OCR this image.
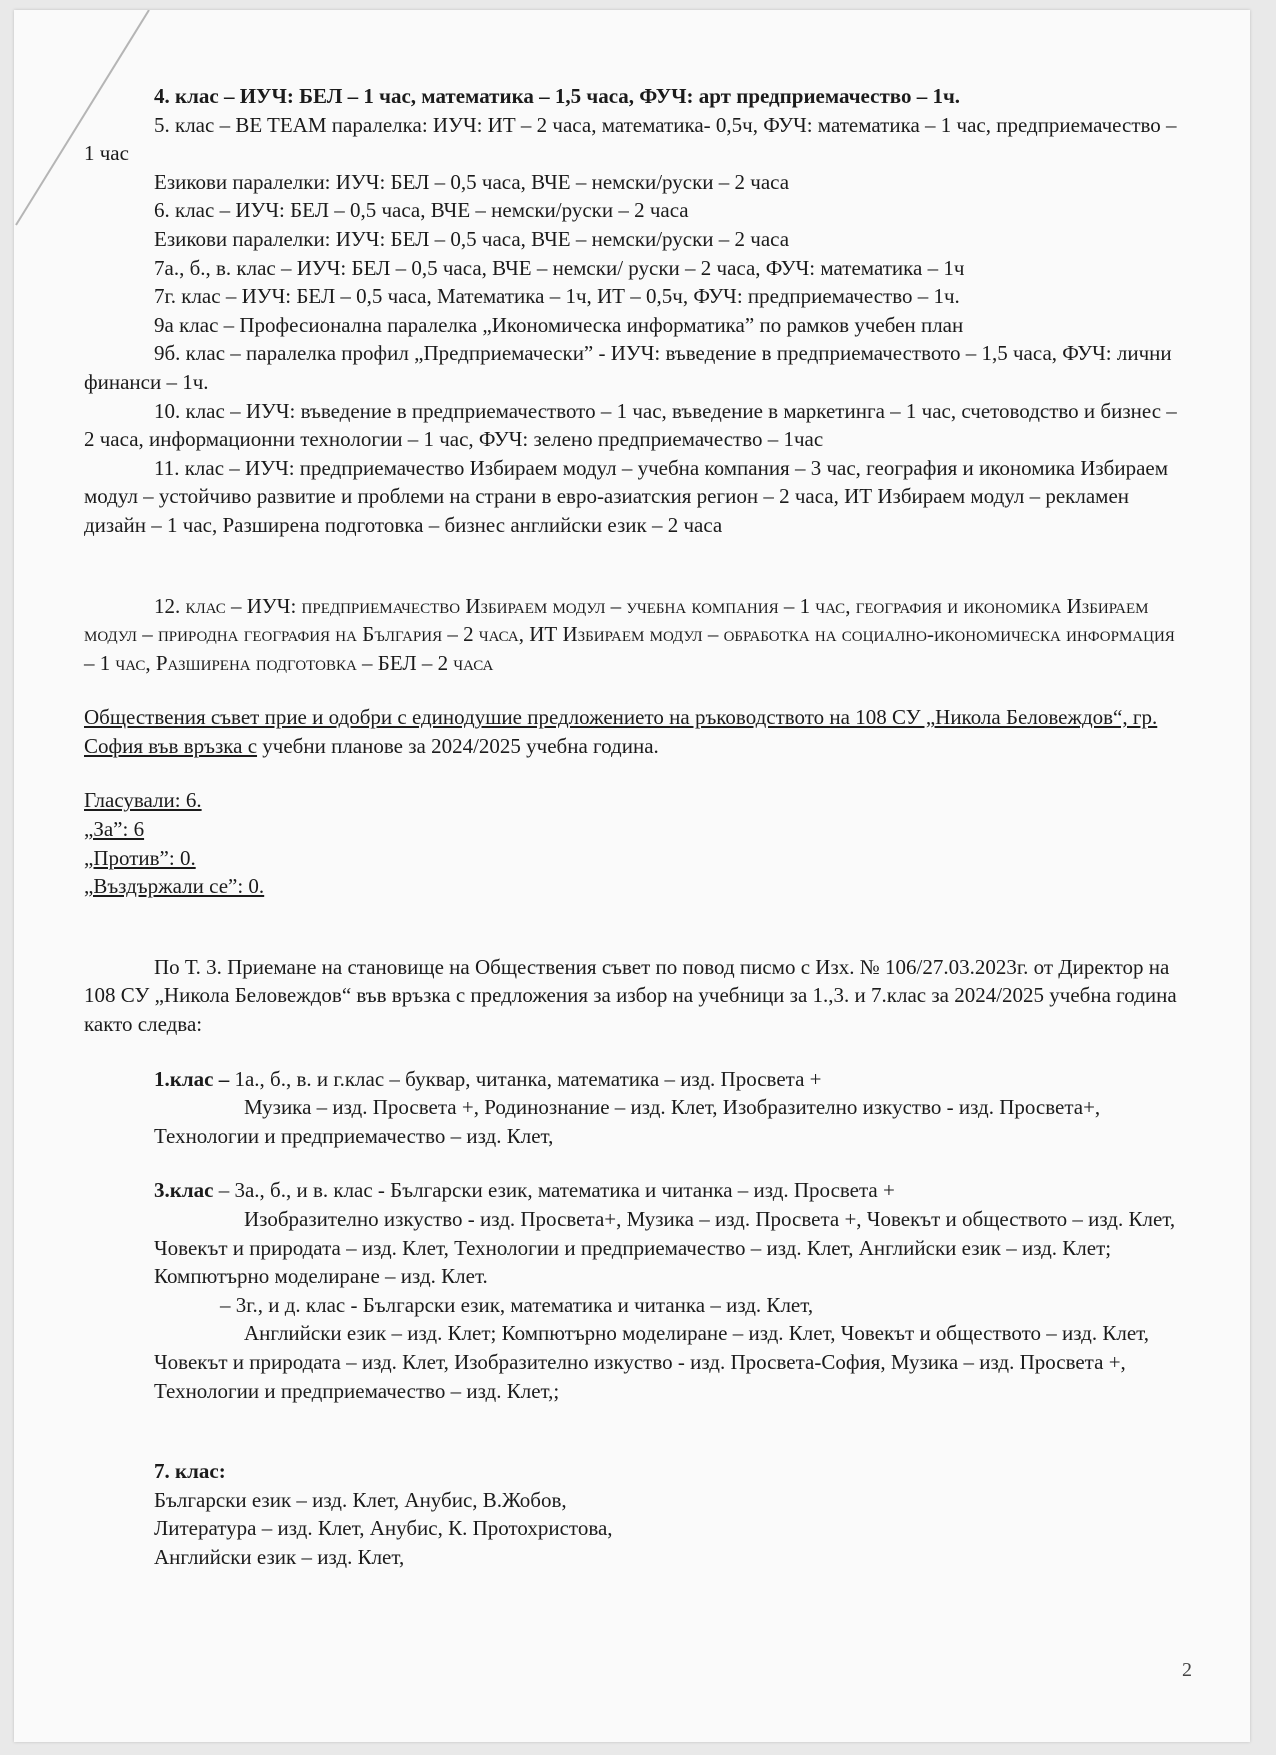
4. клас – ИУЧ: БЕЛ – 1 час, математика – 1,5 часа, ФУЧ: арт предприемачество – 1ч.

5. клас – BE TEAM паралелка: ИУЧ: ИТ – 2 часа, математика- 0,5ч, ФУЧ: математика – 1 час, предприемачество – 1 час

Езикови паралелки: ИУЧ: БЕЛ – 0,5 часа, ВЧЕ – немски/руски – 2 часа

6. клас – ИУЧ: БЕЛ – 0,5 часа, ВЧЕ – немски/руски – 2 часа

Езикови паралелки: ИУЧ: БЕЛ – 0,5 часа, ВЧЕ – немски/руски – 2 часа

7а., б., в. клас – ИУЧ: БЕЛ – 0,5 часа, ВЧЕ – немски/ руски – 2 часа, ФУЧ: математика – 1ч

7г. клас – ИУЧ: БЕЛ – 0,5 часа, Математика – 1ч, ИТ – 0,5ч, ФУЧ: предприемачество – 1ч.

9а клас – Професионална паралелка „Икономическа информатика” по рамков учебен план

9б. клас – паралелка профил „Предприемачески” - ИУЧ: въведение в предприемачеството – 1,5 часа, ФУЧ: лични финанси – 1ч.

10. клас – ИУЧ: въведение в предприемачеството – 1 час, въведение в маркетинга – 1 час, счетоводство и бизнес – 2 часа, информационни технологии – 1 час, ФУЧ: зелено предприемачество – 1час

11. клас – ИУЧ: предприемачество Избираем модул – учебна компания – 3 час, география и икономика Избираем модул – устойчиво развитие и проблеми на страни в евро-азиатския регион – 2 часа, ИТ Избираем модул – рекламен дизайн – 1 час, Разширена подготовка – бизнес английски език – 2 часа

12. клас – ИУЧ: предприемачество Избираем модул – учебна компания – 1 час, география и икономика Избираем модул – природна география на България – 2 часа, ИТ Избираем модул – обработка на социално-икономическа информация – 1 час, Разширена подготовка – БЕЛ – 2 часа

Обществения съвет прие и одобри с единодушие предложението на ръководството на 108 СУ „Никола Беловеждов“, гр. София във връзка с учебни планове за 2024/2025 учебна година.

Гласували: 6.

„За”: 6

„Против”: 0.

„Въздържали се”: 0.

По Т. 3. Приемане на становище на Обществения съвет по повод писмо с Изх. № 106/27.03.2023г. от Директор на 108 СУ „Никола Беловеждов“ във връзка с предложения за избор на учебници за 1.,3. и 7.клас за 2024/2025 учебна година както следва:

1.клас – 1а., б., в. и г.клас – буквар, читанка, математика – изд. Просвета +

Музика – изд. Просвета +, Родинознание – изд. Клет, Изобразително изкуство - изд. Просвета+, Технологии и предприемачество – изд. Клет,

3.клас – 3а., б., и в. клас - Български език, математика и читанка – изд. Просвета +

Изобразително изкуство - изд. Просвета+, Музика – изд. Просвета +, Човекът и обществото – изд. Клет, Човекът и природата – изд. Клет, Технологии и предприемачество – изд. Клет, Английски език – изд. Клет; Компютърно моделиране – изд. Клет.

– 3г., и д. клас - Български език, математика и читанка – изд. Клет,

Английски език – изд. Клет; Компютърно моделиране – изд. Клет, Човекът и обществото – изд. Клет, Човекът и природата – изд. Клет, Изобразително изкуство - изд. Просвета-София, Музика – изд. Просвета +, Технологии и предприемачество – изд. Клет,;

7. клас:

Български език – изд. Клет, Анубис, В.Жобов,

Литература – изд. Клет, Анубис, К. Протохристова,

Английски език – изд. Клет,

2
